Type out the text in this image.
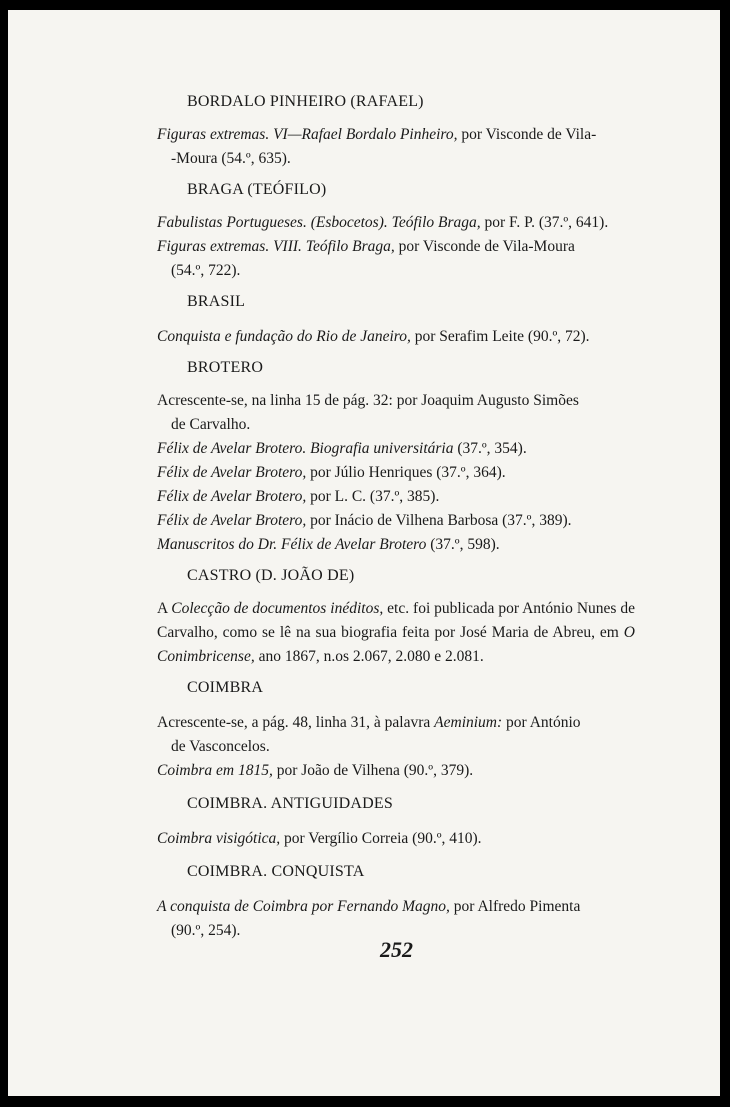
BORDALO PINHEIRO (RAFAEL)
Figuras extremas. VI—Rafael Bordalo Pinheiro, por Visconde de Vila-
-Moura (54.º, 635).
BRAGA (TEÓFILO)
Fabulistas Portugueses. (Esbocetos). Teófilo Braga, por F. P. (37.º, 641).
Figuras extremas. VIII. Teófilo Braga, por Visconde de Vila-Moura
(54.º, 722).
BRASIL
Conquista e fundação do Rio de Janeiro, por Serafim Leite (90.º, 72).
BROTERO
Acrescente-se, na linha 15 de pág. 32: por Joaquim Augusto Simões
de Carvalho.
Félix de Avelar Brotero. Biografia universitária (37.º, 354).
Félix de Avelar Brotero, por Júlio Henriques (37.º, 364).
Félix de Avelar Brotero, por L. C. (37.º, 385).
Félix de Avelar Brotero, por Inácio de Vilhena Barbosa (37.º, 389).
Manuscritos do Dr. Félix de Avelar Brotero (37.º, 598).
CASTRO (D. JOÃO DE)
A Colecção de documentos inéditos, etc. foi publicada por António Nunes de Carvalho, como se lê na sua biografia feita por José Maria de Abreu, em O Conimbricense, ano 1867, n.os 2.067, 2.080 e 2.081.
COIMBRA
Acrescente-se, a pág. 48, linha 31, à palavra Aeminium: por António
de Vasconcelos.
Coimbra em 1815, por João de Vilhena (90.º, 379).
COIMBRA. ANTIGUIDADES
Coimbra visigótica, por Vergílio Correia (90.º, 410).
COIMBRA. CONQUISTA
A conquista de Coimbra por Fernando Magno, por Alfredo Pimenta
(90.º, 254).
252
